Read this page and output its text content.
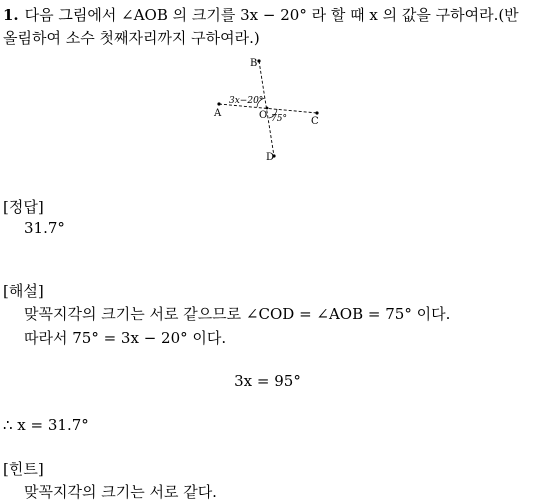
1. 다음 그림에서 ∠AOB 의 크기를 3x − 20° 라 할 때 x 의 값을 구하여라.(반
올림하여 소수 첫째자리까지 구하여라.)
A
B
C
D
O
3x−20°
75°
[정답]
31.7°
[해설]
맞꼭지각의 크기는 서로 같으므로 ∠COD = ∠AOB = 75° 이다.
따라서 75° = 3x − 20° 이다.
3x = 95°
∴ x = 31.7°
[힌트]
맞꼭지각의 크기는 서로 같다.
